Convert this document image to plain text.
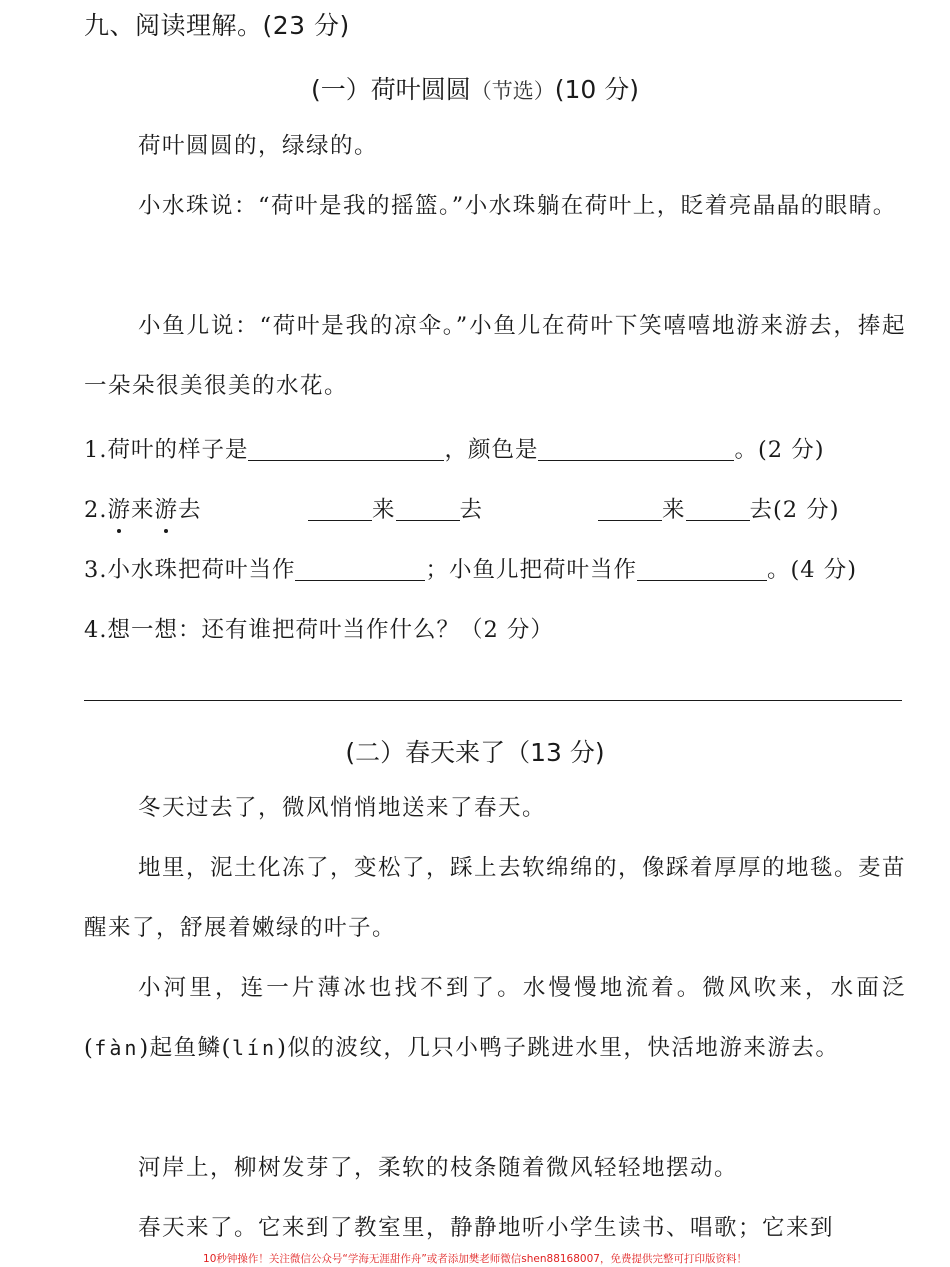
九、阅读理解。(23 分)
(一）荷叶圆圆（节选）(10 分)
荷叶圆圆的，绿绿的。
小水珠说：“荷叶是我的摇篮。”小水珠躺在荷叶上，眨着亮晶晶的眼睛。
小鱼儿说：“荷叶是我的凉伞。”小鱼儿在荷叶下笑嘻嘻地游来游去，捧起一朵朵很美很美的水花。
1.荷叶的样子是	，颜色是	。(2 分)
2.游
来游
去	来	去	来	去(2 分)
3.小水珠把荷叶当作	；小鱼儿把荷叶当作	。(4 分)
4.想一想：还有谁把荷叶当作什么？（2 分）
(二）春天来了（13 分)
冬天过去了，微风悄悄地送来了春天。
地里，泥土化冻了，变松了，踩上去软绵绵的，像踩着厚厚的地毯。麦苗醒来了，舒展着嫩绿的叶子。
小河里，连一片薄冰也找不到了。水慢慢地流着。微风吹来，水面泛(fàn)起鱼鳞(lín)似的波纹，几只小鸭子跳进水里，快活地游来游去。
河岸上，柳树发芽了，柔软的枝条随着微风轻轻地摆动。
春天来了。它来到了教室里，静静地听小学生读书、唱歌；它来到
10秒钟操作！关注微信公众号“学海无涯甜作舟”或者添加樊老师微信shen88168007，免费提供完整可打印版资料！
